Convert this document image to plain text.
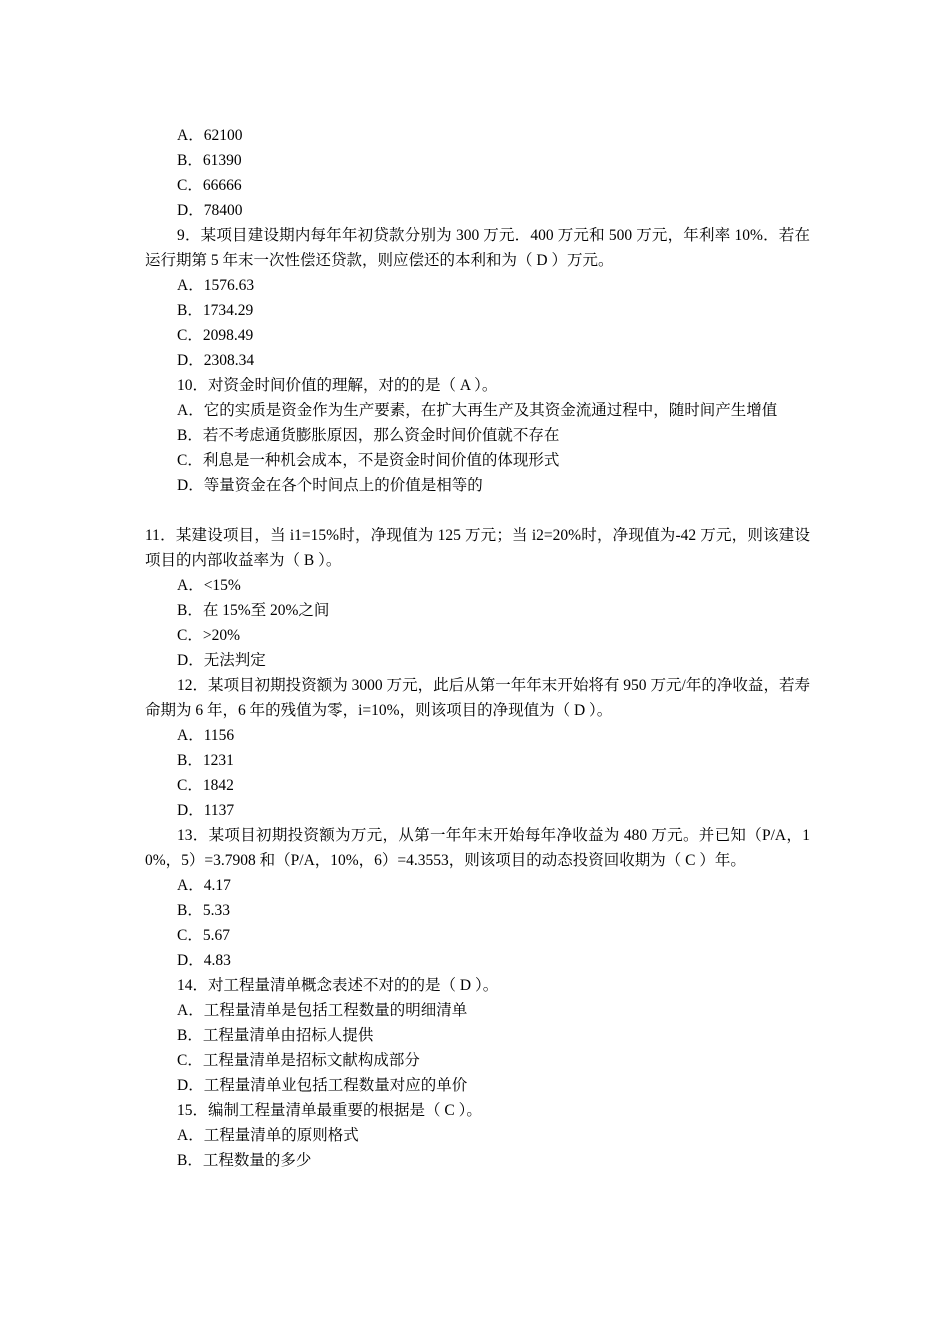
A．62100
B．61390
C．66666
D．78400
9．某项目建设期内每年年初贷款分别为 300 万元．400 万元和 500 万元，年利率 10%．若在运行期第 5 年末一次性偿还贷款，则应偿还的本利和为（ D ）万元。
A．1576.63
B．1734.29
C．2098.49
D．2308.34
10．对资金时间价值的理解，对的的是（ A ）。
A．它的实质是资金作为生产要素，在扩大再生产及其资金流通过程中，随时间产生增值
B．若不考虑通货膨胀原因，那么资金时间价值就不存在
C．利息是一种机会成本，不是资金时间价值的体现形式
D．等量资金在各个时间点上的价值是相等的
11．某建设项目，当 i1=15%时，净现值为 125 万元；当 i2=20%时，净现值为-42 万元，则该建设项目的内部收益率为（ B ）。
A．<15%
B．在 15%至 20%之间
C．>20%
D．无法判定
12．某项目初期投资额为 3000 万元，此后从第一年年末开始将有 950 万元/年的净收益，若寿命期为 6 年，6 年的残值为零，i=10%，则该项目的净现值为（ D ）。
A．1156
B．1231
C．1842
D．1137
13．某项目初期投资额为万元，从第一年年末开始每年净收益为 480 万元。并已知（P/A，10%，5）=3.7908 和（P/A，10%，6）=4.3553，则该项目的动态投资回收期为（ C ）年。
A．4.17
B．5.33
C．5.67
D．4.83
14．对工程量清单概念表述不对的的是（ D ）。
A．工程量清单是包括工程数量的明细清单
B．工程量清单由招标人提供
C．工程量清单是招标文献构成部分
D．工程量清单业包括工程数量对应的单价
15．编制工程量清单最重要的根据是（ C ）。
A．工程量清单的原则格式
B．工程数量的多少
